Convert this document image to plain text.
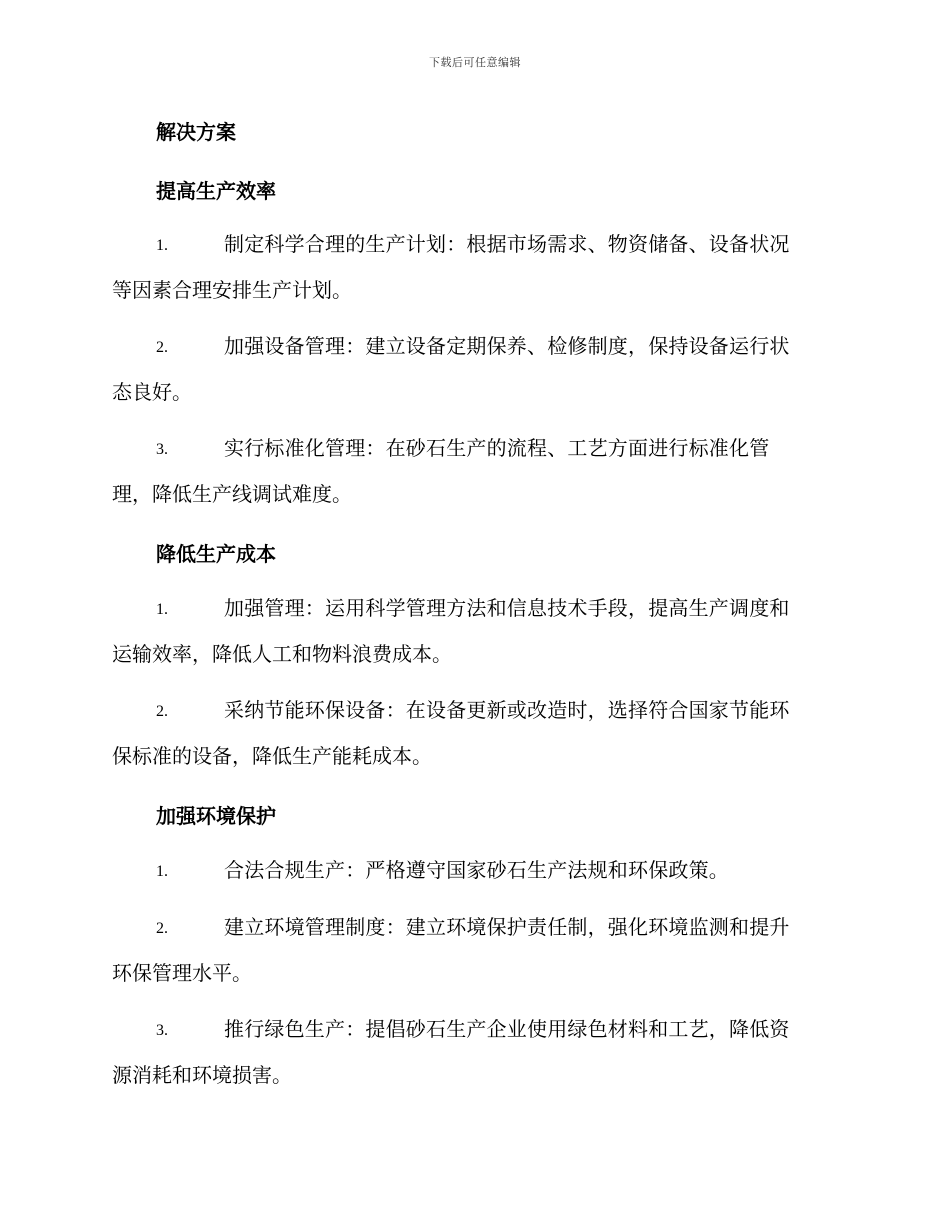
下载后可任意编辑
解决方案
提高生产效率
1.	制定科学合理的生产计划：根据市场需求、物资储备、设备状况
等因素合理安排生产计划。
2.	加强设备管理：建立设备定期保养、检修制度，保持设备运行状
态良好。
3.	实行标准化管理：在砂石生产的流程、工艺方面进行标准化管
理，降低生产线调试难度。
降低生产成本
1.	加强管理：运用科学管理方法和信息技术手段，提高生产调度和
运输效率，降低人工和物料浪费成本。
2.	采纳节能环保设备：在设备更新或改造时，选择符合国家节能环
保标准的设备，降低生产能耗成本。
加强环境保护
1.	合法合规生产：严格遵守国家砂石生产法规和环保政策。
2.	建立环境管理制度：建立环境保护责任制，强化环境监测和提升
环保管理水平。
3.	推行绿色生产：提倡砂石生产企业使用绿色材料和工艺，降低资
源消耗和环境损害。
